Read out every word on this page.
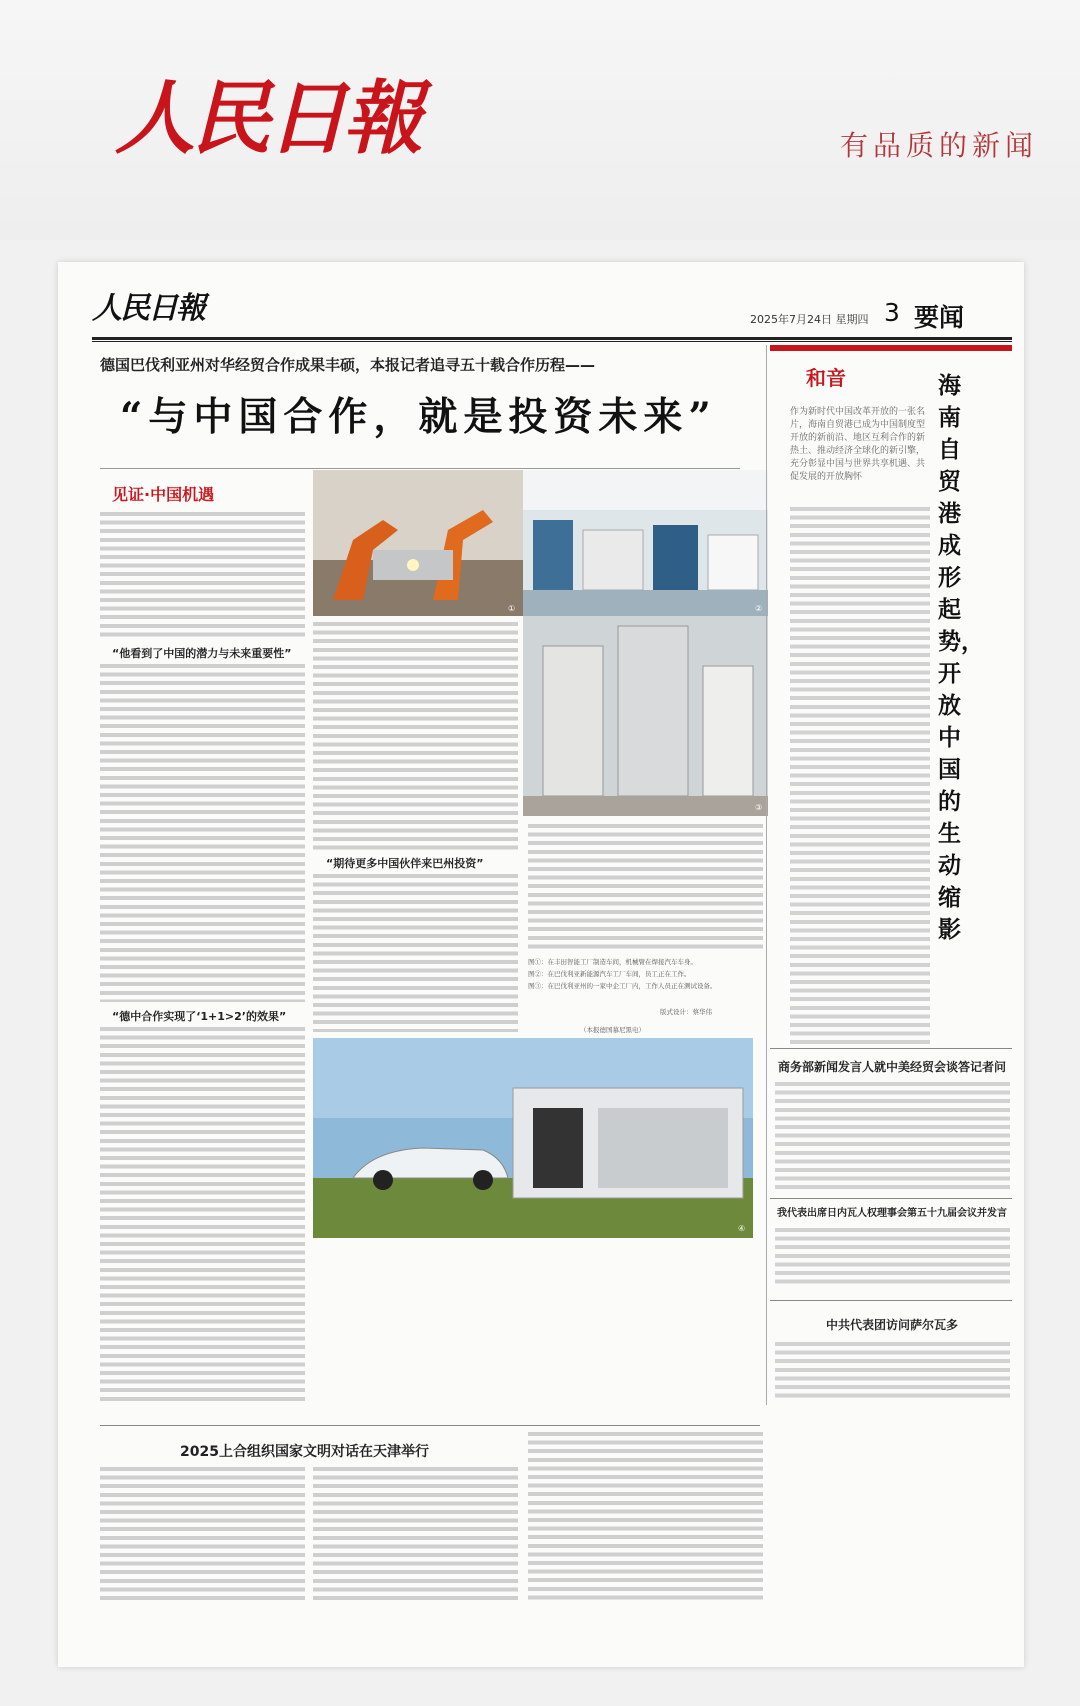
人民日報	有品质的新闻
人民日報	2025年7月24日 星期四 3 要闻
德国巴伐利亚州对华经贸合作成果丰硕，本报记者追寻五十载合作历程——
“与中国合作，就是投资未来”
见证·中国机遇
①	②
③
④
“他看到了中国的潜力与未来重要性”
“德中合作实现了‘1+1>2’的效果”
“期待更多中国伙伴来巴州投资”
图①：在丰田智能工厂制造车间，机械臂在焊接汽车车身。
图②：在巴伐利亚新能源汽车工厂车间，员工正在工作。
图③：在巴伐利亚州的一家中企工厂内，工作人员正在测试设备。
版式设计：蔡华伟
（本报德国慕尼黑电）
和音	海南自贸港成形起势，开放中国的生动缩影
作为新时代中国改革开放的一张名片，海南自贸港已成为中国制度型开放的新前沿、地区互利合作的新热土、推动经济全球化的新引擎，充分彰显中国与世界共享机遇、共促发展的开放胸怀
商务部新闻发言人就中美经贸会谈答记者问
我代表出席日内瓦人权理事会第五十九届会议并发言
中共代表团访问萨尔瓦多
2025上合组织国家文明对话在天津举行
